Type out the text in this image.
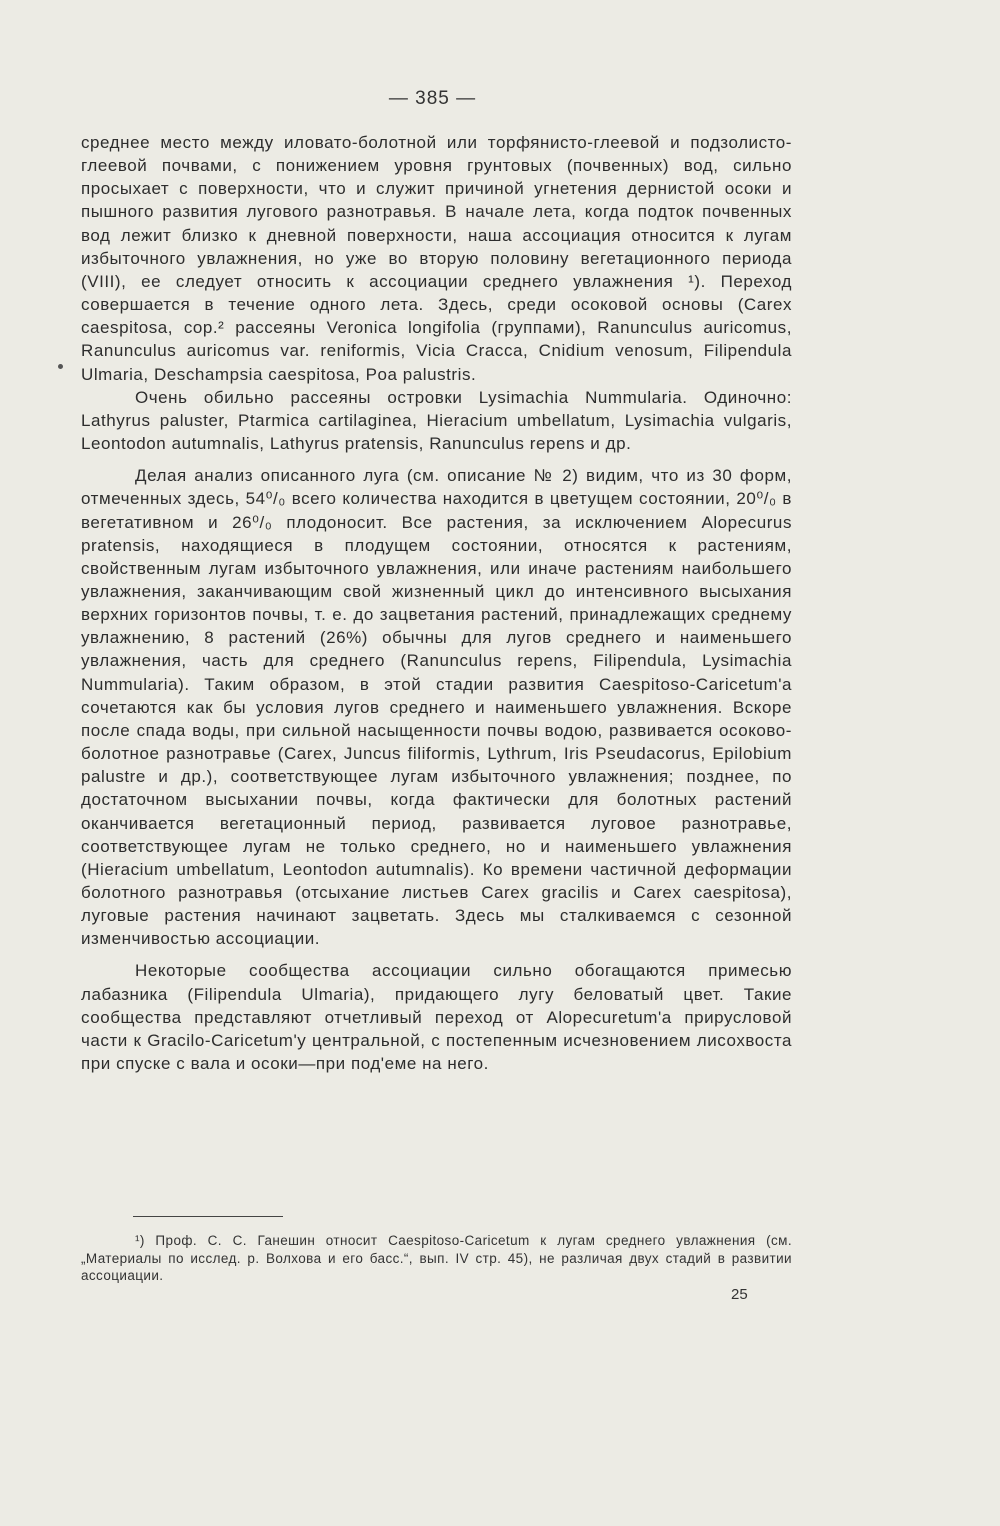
— 385 —

среднее место между иловато-болотной или торфянисто-глеевой и подзолисто-глеевой почвами, с понижением уровня грунтовых (почвенных) вод, сильно просыхает с поверхности, что и служит причиной угнетения дернистой осоки и пышного развития лугового разнотравья. В начале лета, когда подток почвенных вод лежит близко к дневной поверхности, наша ассоциация относится к лугам избыточного увлажнения, но уже во вторую половину вегетационного периода (VIII), ее следует относить к ассоциации среднего увлажнения ¹). Переход совершается в течение одного лета. Здесь, среди осоковой основы (Carex caespitosa, cop.² рассеяны Veronica longifolia (группами), Ranunculus auricomus, Ranunculus auricomus var. reniformis, Vicia Cracca, Cnidium venosum, Filipendula Ulmaria, Deschampsia caespitosa, Poa palustris.

Очень обильно рассеяны островки Lysimachia Nummularia. Одиночно: Lathyrus paluster, Ptarmica cartilaginea, Hieracium umbellatum, Lysimachia vulgaris, Leontodon autumnalis, Lathyrus pratensis, Ranunculus repens и др.

Делая анализ описанного луга (см. описание № 2) видим, что из 30 форм, отмеченных здесь, 54⁰/₀ всего количества находится в цветущем состоянии, 20⁰/₀ в вегетативном и 26⁰/₀ плодоносит. Все растения, за исключением Alopecurus pratensis, находящиеся в плодущем состоянии, относятся к растениям, свойственным лугам избыточного увлажнения, или иначе растениям наибольшего увлажнения, заканчивающим свой жизненный цикл до интенсивного высыхания верхних горизонтов почвы, т. е. до зацветания растений, принадлежащих среднему увлажнению, 8 растений (26%) обычны для лугов среднего и наименьшего увлажнения, часть для среднего (Ranunculus repens, Filipendula, Lysimachia Nummularia). Таким образом, в этой стадии развития Caespitoso-Caricetum'a сочетаются как бы условия лугов среднего и наименьшего увлажнения. Вскоре после спада воды, при сильной насыщенности почвы водою, развивается осоково-болотное разнотравье (Carex, Juncus filiformis, Lythrum, Iris Pseudacorus, Epilobium palustre и др.), соответствующее лугам избыточного увлажнения; позднее, по достаточном высыхании почвы, когда фактически для болотных растений оканчивается вегетационный период, развивается луговое разнотравье, соответствующее лугам не только среднего, но и наименьшего увлажнения (Hieracium umbellatum, Leontodon autumnalis). Ко времени частичной деформации болотного разнотравья (отсыхание листьев Carex gracilis и Carex caespitosa), луговые растения начинают зацветать. Здесь мы сталкиваемся с сезонной изменчивостью ассоциации.

Некоторые сообщества ассоциации сильно обогащаются примесью лабазника (Filipendula Ulmaria), придающего лугу беловатый цвет. Такие сообщества представляют отчетливый переход от Alopecuretum'a прирусловой части к Gracilo-Caricetum'y центральной, с постепенным исчезновением лисохвоста при спуске с вала и осоки—при под'еме на него.

¹) Проф. С. С. Ганешин относит Caespitoso-Caricetum к лугам среднего увлажнения (см. „Материалы по исслед. р. Волхова и его басс.“, вып. IV стр. 45), не различая двух стадий в развитии ассоциации.
25
